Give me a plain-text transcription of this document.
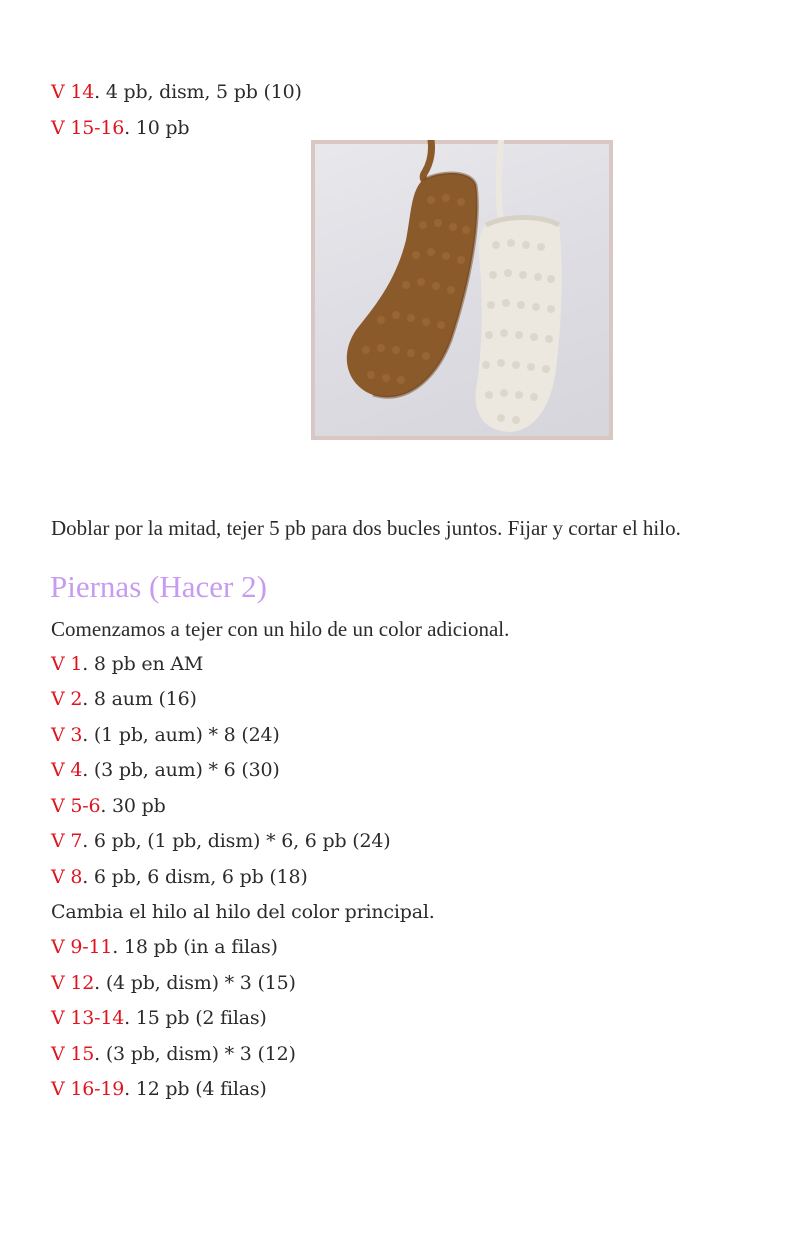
V 14. 4 pb, dism, 5 pb (10)
V 15-16. 10 pb
Doblar por la mitad, tejer 5 pb para dos bucles juntos. Fijar y cortar el hilo.
Piernas (Hacer 2)
Comenzamos a tejer con un hilo de un color adicional.
V 1. 8 pb en AM
V 2. 8 aum (16)
V 3. (1 pb, aum) * 8 (24)
V 4. (3 pb, aum) * 6 (30)
V 5-6. 30 pb
V 7. 6 pb, (1 pb, dism) * 6, 6 pb (24)
V 8. 6 pb, 6 dism, 6 pb (18)
Cambia el hilo al hilo del color principal.
V 9-11. 18 pb (in a filas)
V 12. (4 pb, dism) * 3 (15)
V 13-14. 15 pb (2 filas)
V 15. (3 pb, dism) * 3 (12)
V 16-19. 12 pb (4 filas)
